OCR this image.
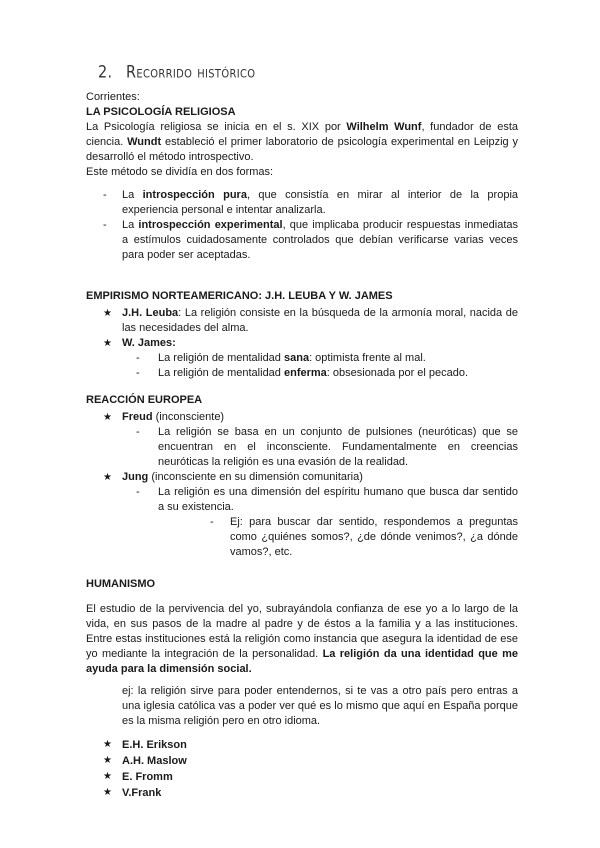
2. Recorrido histórico

Corrientes:

LA PSICOLOGÍA RELIGIOSA

La Psicología religiosa se inicia en el s. XIX por Wilhelm Wunf, fundador de esta ciencia. Wundt estableció el primer laboratorio de psicología experimental en Leipzig y desarrolló el método introspectivo.

Este método se dividía en dos formas:

-	La introspección pura, que consistía en mirar al interior de la propia experiencia personal e intentar analizarla.
-	La introspección experimental, que implicaba producir respuestas inmediatas a estímulos cuidadosamente controlados que debían verificarse varias veces para poder ser aceptadas.

EMPIRISMO NORTEAMERICANO: J.H. LEUBA Y W. JAMES

★ J.H. Leuba: La religión consiste en la búsqueda de la armonía moral, nacida de las necesidades del alma.
★ W. James:
-	La religión de mentalidad sana: optimista frente al mal.
-	La religión de mentalidad enferma: obsesionada por el pecado.

REACCIÓN EUROPEA

★ Freud (inconsciente)
-	La religión se basa en un conjunto de pulsiones (neuróticas) que se encuentran en el inconsciente. Fundamentalmente en creencias neuróticas la religión es una evasión de la realidad.
★ Jung (inconsciente en su dimensión comunitaria)
-	La religión es una dimensión del espíritu humano que busca dar sentido a su existencia.
-	Ej: para buscar dar sentido, respondemos a preguntas como ¿quiénes somos?, ¿de dónde venimos?, ¿a dónde vamos?, etc.

HUMANISMO

El estudio de la pervivencia del yo, subrayándola confianza de ese yo a lo largo de la vida, en sus pasos de la madre al padre y de éstos a la familia y a las instituciones. Entre estas instituciones está la religión como instancia que asegura la identidad de ese yo mediante la integración de la personalidad. La religión da una identidad que me ayuda para la dimensión social.

ej: la religión sirve para poder entendernos, si te vas a otro país pero entras a una iglesia católica vas a poder ver qué es lo mismo que aquí en España porque es la misma religión pero en otro idioma.

★ E.H. Erikson
★ A.H. Maslow
★ E. Fromm
★ V.Frank
